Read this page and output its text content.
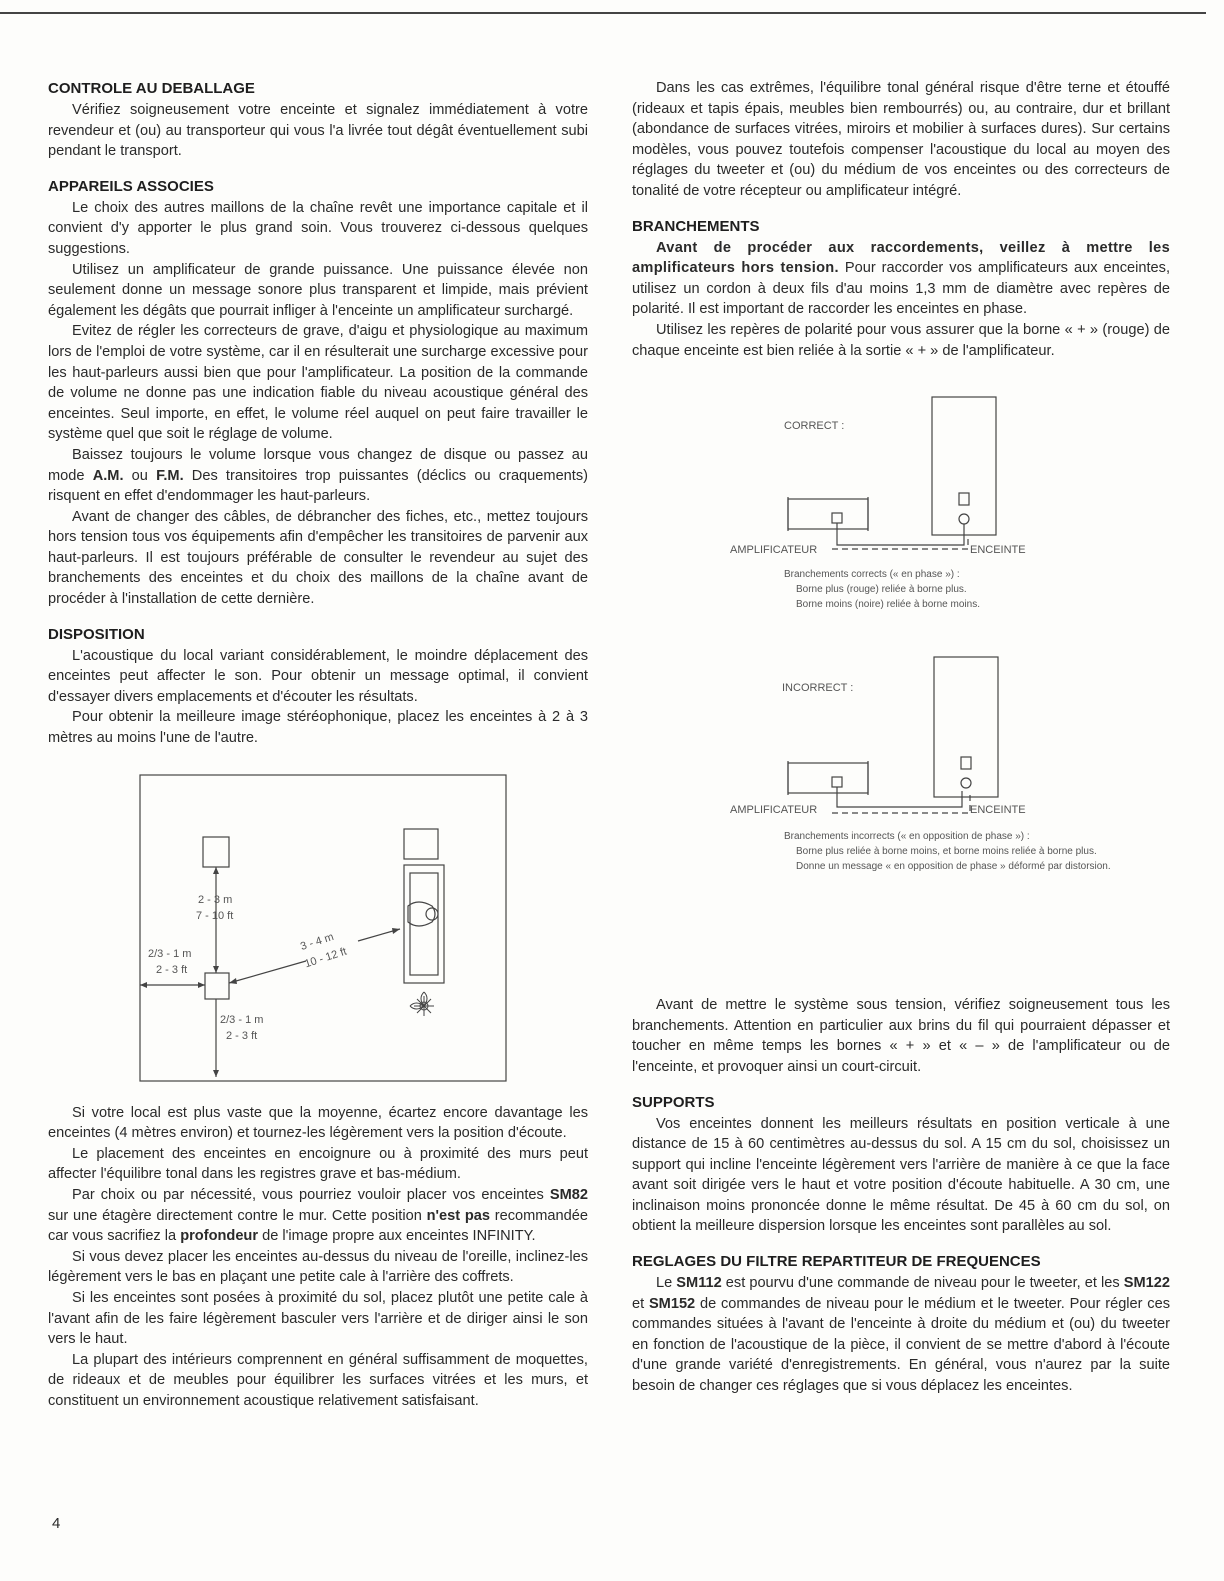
CONTROLE AU DEBALLAGE

Vérifiez soigneusement votre enceinte et signalez immédiatement à votre revendeur et (ou) au transporteur qui vous l'a livrée tout dégât éventuellement subi pendant le transport.

APPAREILS ASSOCIES

Le choix des autres maillons de la chaîne revêt une importance capitale et il convient d'y apporter le plus grand soin. Vous trouverez ci-dessous quelques suggestions.

Utilisez un amplificateur de grande puissance. Une puissance élevée non seulement donne un message sonore plus transparent et limpide, mais prévient également les dégâts que pourrait infliger à l'enceinte un amplificateur surchargé.

Evitez de régler les correcteurs de grave, d'aigu et physiologique au maximum lors de l'emploi de votre système, car il en résulterait une surcharge excessive pour les haut-parleurs aussi bien que pour l'amplificateur. La position de la commande de volume ne donne pas une indication fiable du niveau acoustique général des enceintes. Seul importe, en effet, le volume réel auquel on peut faire travailler le système quel que soit le réglage de volume.

Baissez toujours le volume lorsque vous changez de disque ou passez au mode A.M. ou F.M. Des transitoires trop puissantes (déclics ou craquements) risquent en effet d'endommager les haut-parleurs.

Avant de changer des câbles, de débrancher des fiches, etc., mettez toujours hors tension tous vos équipements afin d'empêcher les transitoires de parvenir aux haut-parleurs. Il est toujours préférable de consulter le revendeur au sujet des branchements des enceintes et du choix des maillons de la chaîne avant de procéder à l'installation de cette dernière.

DISPOSITION

L'acoustique du local variant considérablement, le moindre déplacement des enceintes peut affecter le son. Pour obtenir un message optimal, il convient d'essayer divers emplacements et d'écouter les résultats.

Pour obtenir la meilleure image stéréophonique, placez les enceintes à 2 à 3 mètres au moins l'une de l'autre.

2 - 3 m
7 - 10 ft
2/3 - 1 m
2 - 3 ft
3 - 4 m
10 - 12 ft
2/3 - 1 m
2 - 3 ft

Si votre local est plus vaste que la moyenne, écartez encore davantage les enceintes (4 mètres environ) et tournez-les légèrement vers la position d'écoute.

Le placement des enceintes en encoignure ou à proximité des murs peut affecter l'équilibre tonal dans les registres grave et bas-médium.

Par choix ou par nécessité, vous pourriez vouloir placer vos enceintes SM82 sur une étagère directement contre le mur. Cette position n'est pas recommandée car vous sacrifiez la profondeur de l'image propre aux enceintes INFINITY.

Si vous devez placer les enceintes au-dessus du niveau de l'oreille, inclinez-les légèrement vers le bas en plaçant une petite cale à l'arrière des coffrets.

Si les enceintes sont posées à proximité du sol, placez plutôt une petite cale à l'avant afin de les faire légèrement basculer vers l'arrière et de diriger ainsi le son vers le haut.

La plupart des intérieurs comprennent en général suffisamment de moquettes, de rideaux et de meubles pour équilibrer les surfaces vitrées et les murs, et constituent un environnement acoustique relativement satisfaisant.

Dans les cas extrêmes, l'équilibre tonal général risque d'être terne et étouffé (rideaux et tapis épais, meubles bien rembourrés) ou, au contraire, dur et brillant (abondance de surfaces vitrées, miroirs et mobilier à surfaces dures). Sur certains modèles, vous pouvez toutefois compenser l'acoustique du local au moyen des réglages du tweeter et (ou) du médium de vos enceintes ou des correcteurs de tonalité de votre récepteur ou amplificateur intégré.

BRANCHEMENTS

Avant de procéder aux raccordements, veillez à mettre les amplificateurs hors tension. Pour raccorder vos amplificateurs aux enceintes, utilisez un cordon à deux fils d'au moins 1,3 mm de diamètre avec repères de polarité. Il est important de raccorder les enceintes en phase.

Utilisez les repères de polarité pour vous assurer que la borne « + » (rouge) de chaque enceinte est bien reliée à la sortie « + » de l'amplificateur.

CORRECT :
AMPLIFICATEUR	ENCEINTE
Branchements corrects (« en phase ») :
Borne plus (rouge) reliée à borne plus.
Borne moins (noire) reliée à borne moins.
INCORRECT :
AMPLIFICATEUR	ENCEINTE
Branchements incorrects (« en opposition de phase ») :
Borne plus reliée à borne moins, et borne moins reliée à borne plus.
Donne un message « en opposition de phase » déformé par distorsion.

Avant de mettre le système sous tension, vérifiez soigneusement tous les branchements. Attention en particulier aux brins du fil qui pourraient dépasser et toucher en même temps les bornes « + » et « – » de l'amplificateur ou de l'enceinte, et provoquer ainsi un court-circuit.

SUPPORTS

Vos enceintes donnent les meilleurs résultats en position verticale à une distance de 15 à 60 centimètres au-dessus du sol. A 15 cm du sol, choisissez un support qui incline l'enceinte légèrement vers l'arrière de manière à ce que la face avant soit dirigée vers le haut et votre position d'écoute habituelle. A 30 cm, une inclinaison moins prononcée donne le même résultat. De 45 à 60 cm du sol, on obtient la meilleure dispersion lorsque les enceintes sont parallèles au sol.

REGLAGES DU FILTRE REPARTITEUR DE FREQUENCES

Le SM112 est pourvu d'une commande de niveau pour le tweeter, et les SM122 et SM152 de commandes de niveau pour le médium et le tweeter. Pour régler ces commandes situées à l'avant de l'enceinte à droite du médium et (ou) du tweeter en fonction de l'acoustique de la pièce, il convient de se mettre d'abord à l'écoute d'une grande variété d'enregistrements. En général, vous n'aurez par la suite besoin de changer ces réglages que si vous déplacez les enceintes.

4
